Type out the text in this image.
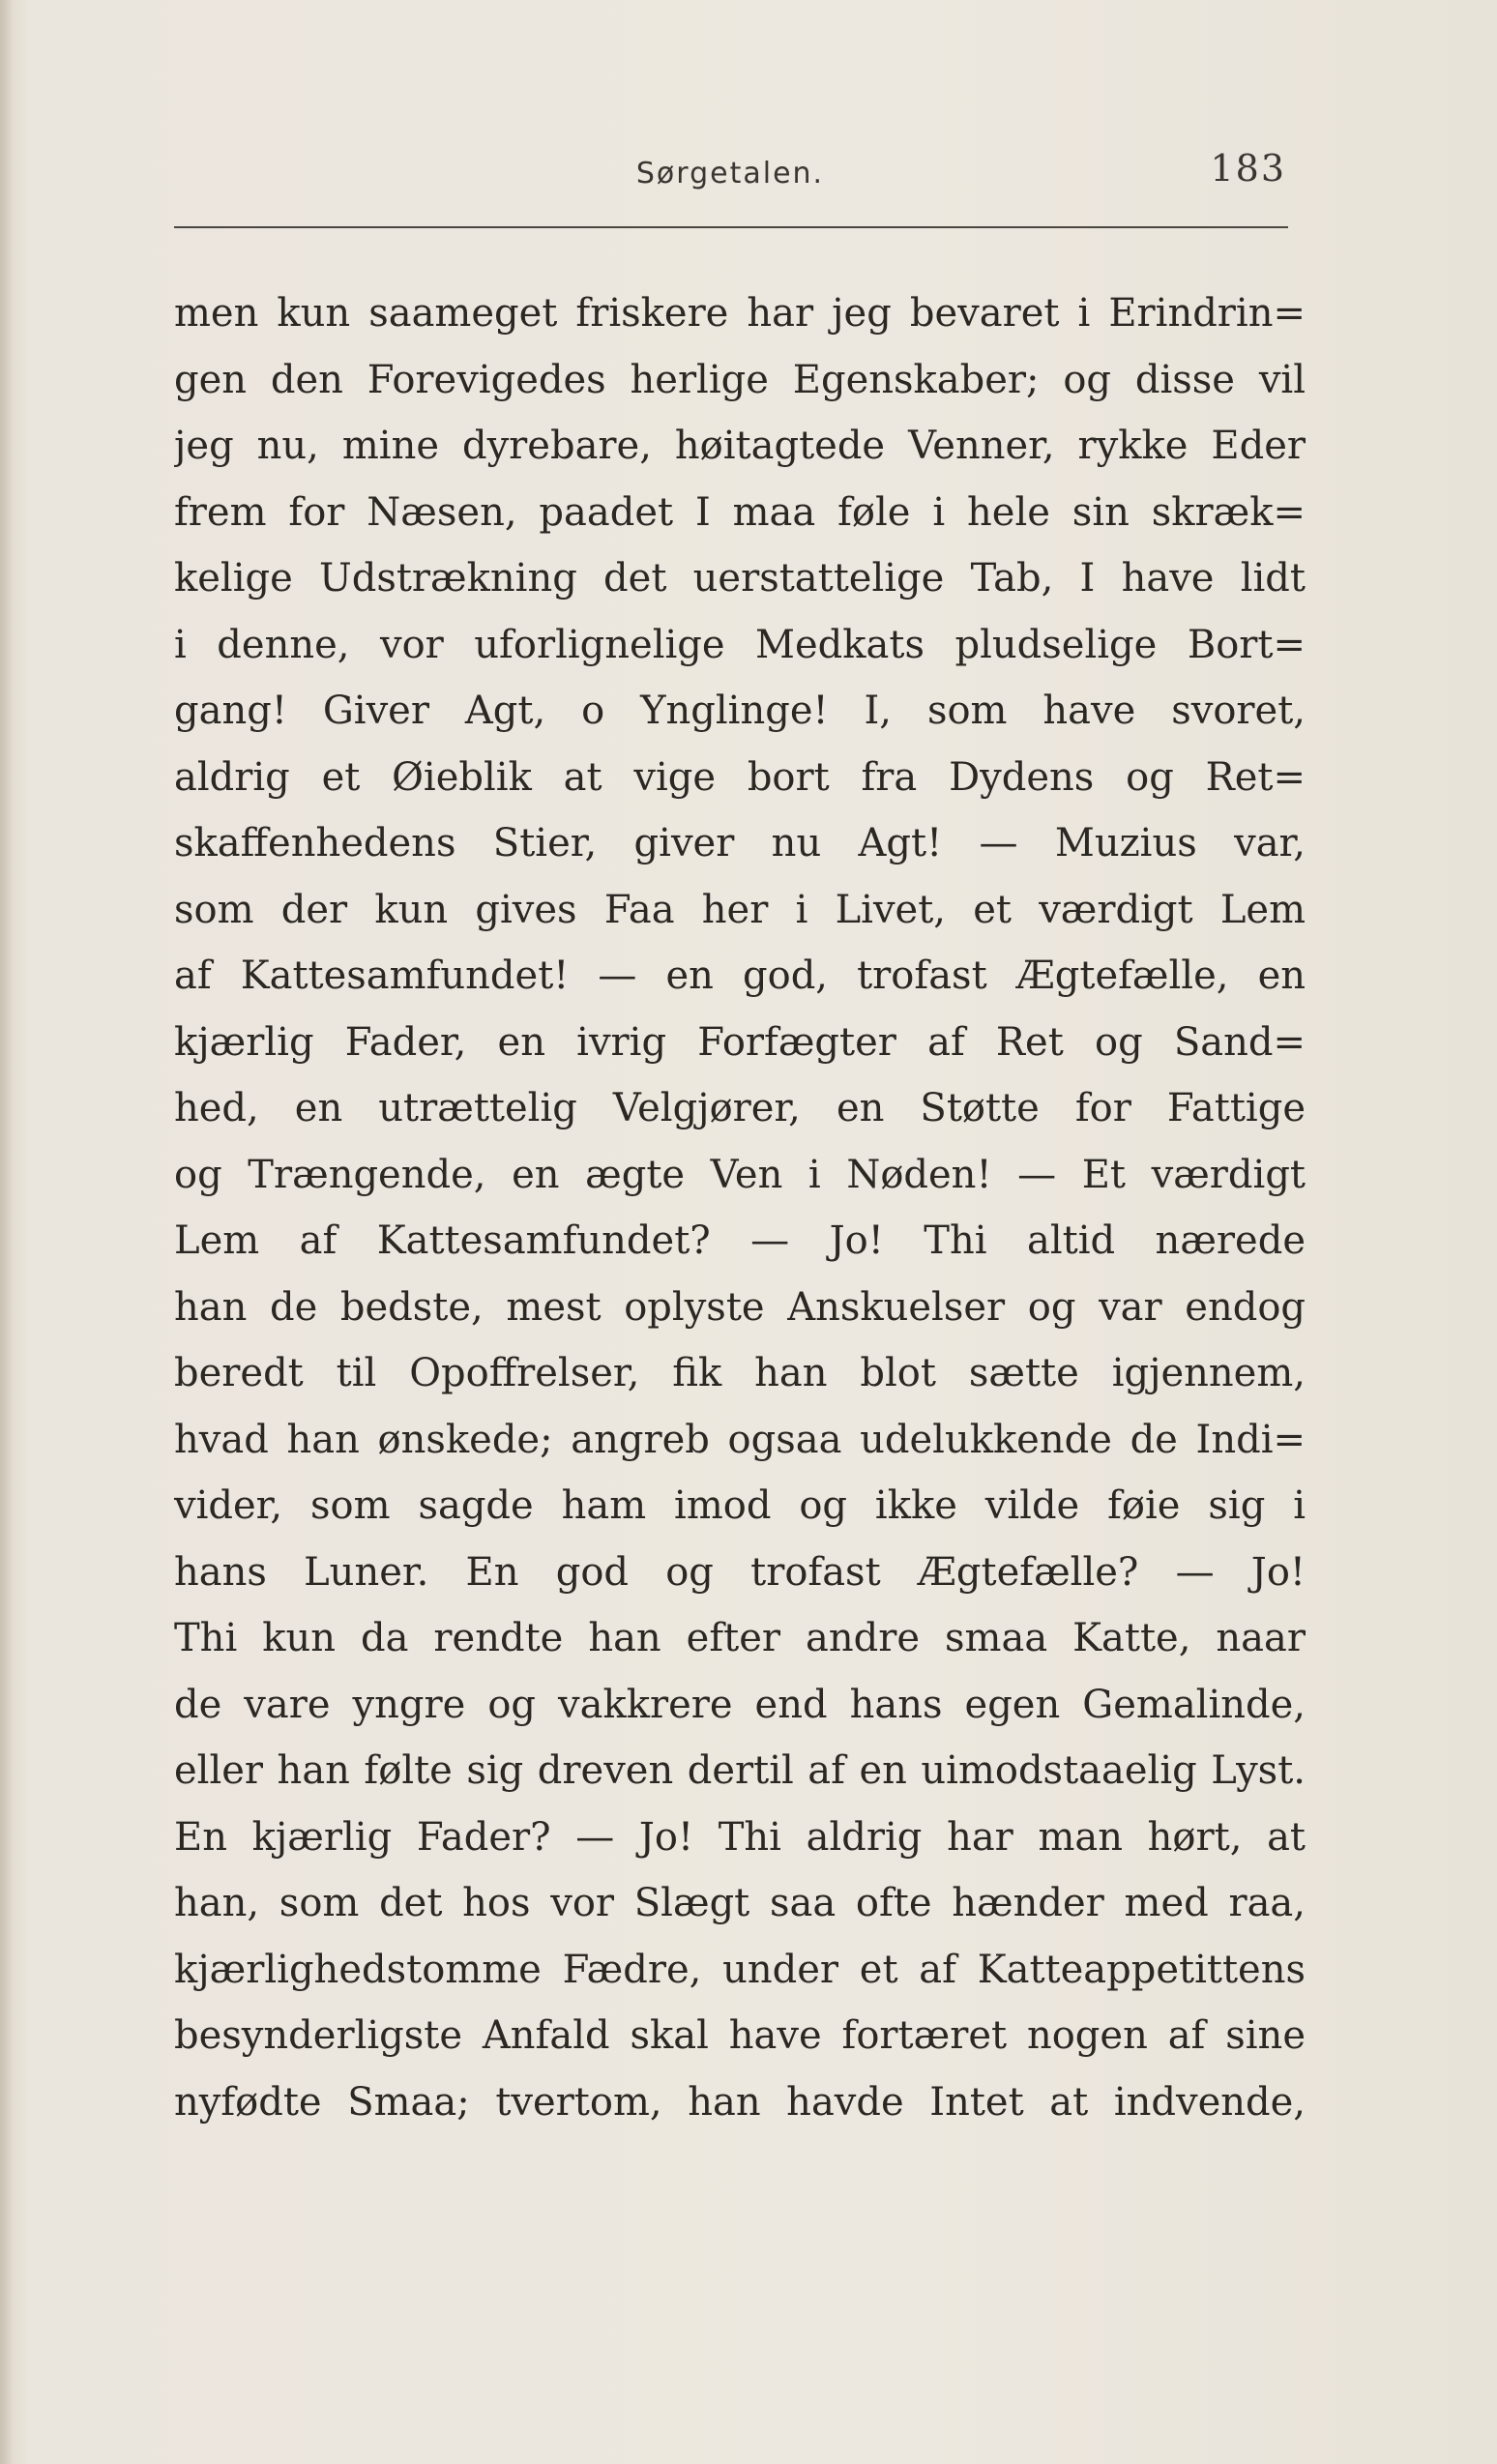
Sørgetalen.	183
men kun saameget friskere har jeg bevaret i Erindrin=
gen den Forevigedes herlige Egenskaber; og disse vil
jeg nu, mine dyrebare, høitagtede Venner, rykke Eder
frem for Næsen, paadet I maa føle i hele sin skræk=
kelige Udstrækning det uerstattelige Tab, I have lidt
i denne, vor uforlignelige Medkats pludselige Bort=
gang! Giver Agt, o Ynglinge! I, som have svoret,
aldrig et Øieblik at vige bort fra Dydens og Ret=
skaffenhedens Stier, giver nu Agt! — Muzius var,
som der kun gives Faa her i Livet, et værdigt Lem
af Kattesamfundet! — en god, trofast Ægtefælle, en
kjærlig Fader, en ivrig Forfægter af Ret og Sand=
hed, en utrættelig Velgjører, en Støtte for Fattige
og Trængende, en ægte Ven i Nøden! — Et værdigt
Lem af Kattesamfundet? — Jo! Thi altid nærede
han de bedste, mest oplyste Anskuelser og var endog
beredt til Opoffrelser, fik han blot sætte igjennem,
hvad han ønskede; angreb ogsaa udelukkende de Indi=
vider, som sagde ham imod og ikke vilde føie sig i
hans Luner. En god og trofast Ægtefælle? — Jo!
Thi kun da rendte han efter andre smaa Katte, naar
de vare yngre og vakkrere end hans egen Gemalinde,
eller han følte sig dreven dertil af en uimodstaaelig Lyst.
En kjærlig Fader? — Jo! Thi aldrig har man hørt, at
han, som det hos vor Slægt saa ofte hænder med raa,
kjærlighedstomme Fædre, under et af Katteappetittens
besynderligste Anfald skal have fortæret nogen af sine
nyfødte Smaa; tvertom, han havde Intet at indvende,
